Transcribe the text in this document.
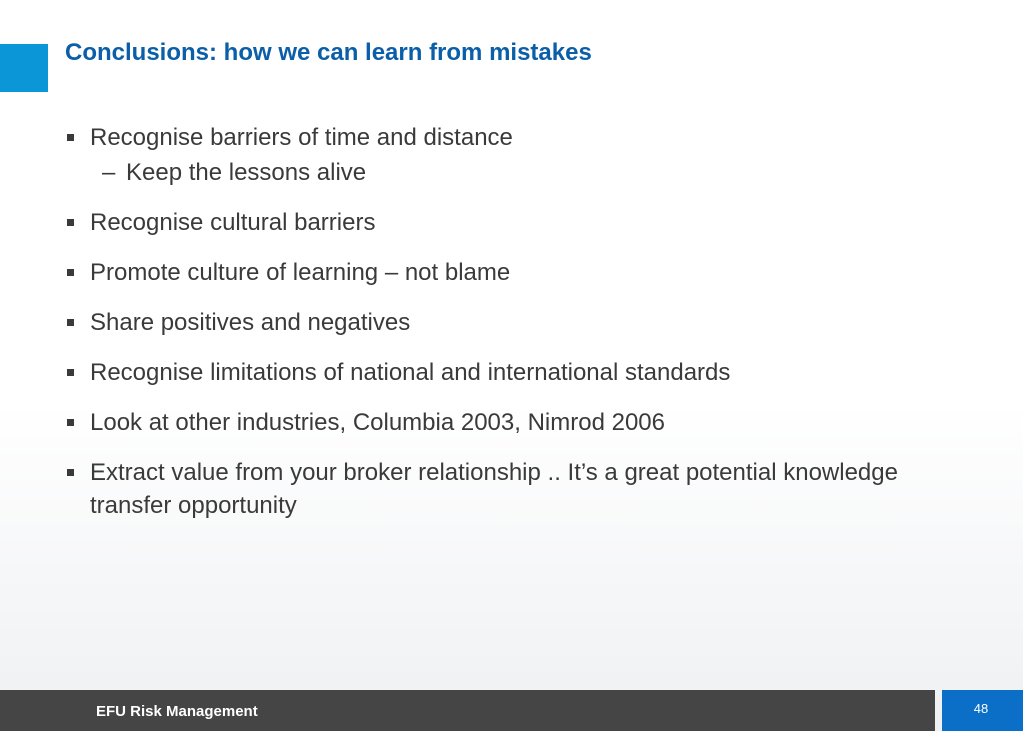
Conclusions: how we can learn from mistakes
Recognise barriers of time and distance
– Keep the lessons alive
Recognise cultural barriers
Promote culture of learning – not blame
Share positives and negatives
Recognise limitations of national and international standards
Look at other industries, Columbia 2003, Nimrod 2006
Extract value from your broker relationship .. It’s a great potential knowledge transfer opportunity
EFU Risk Management	48
